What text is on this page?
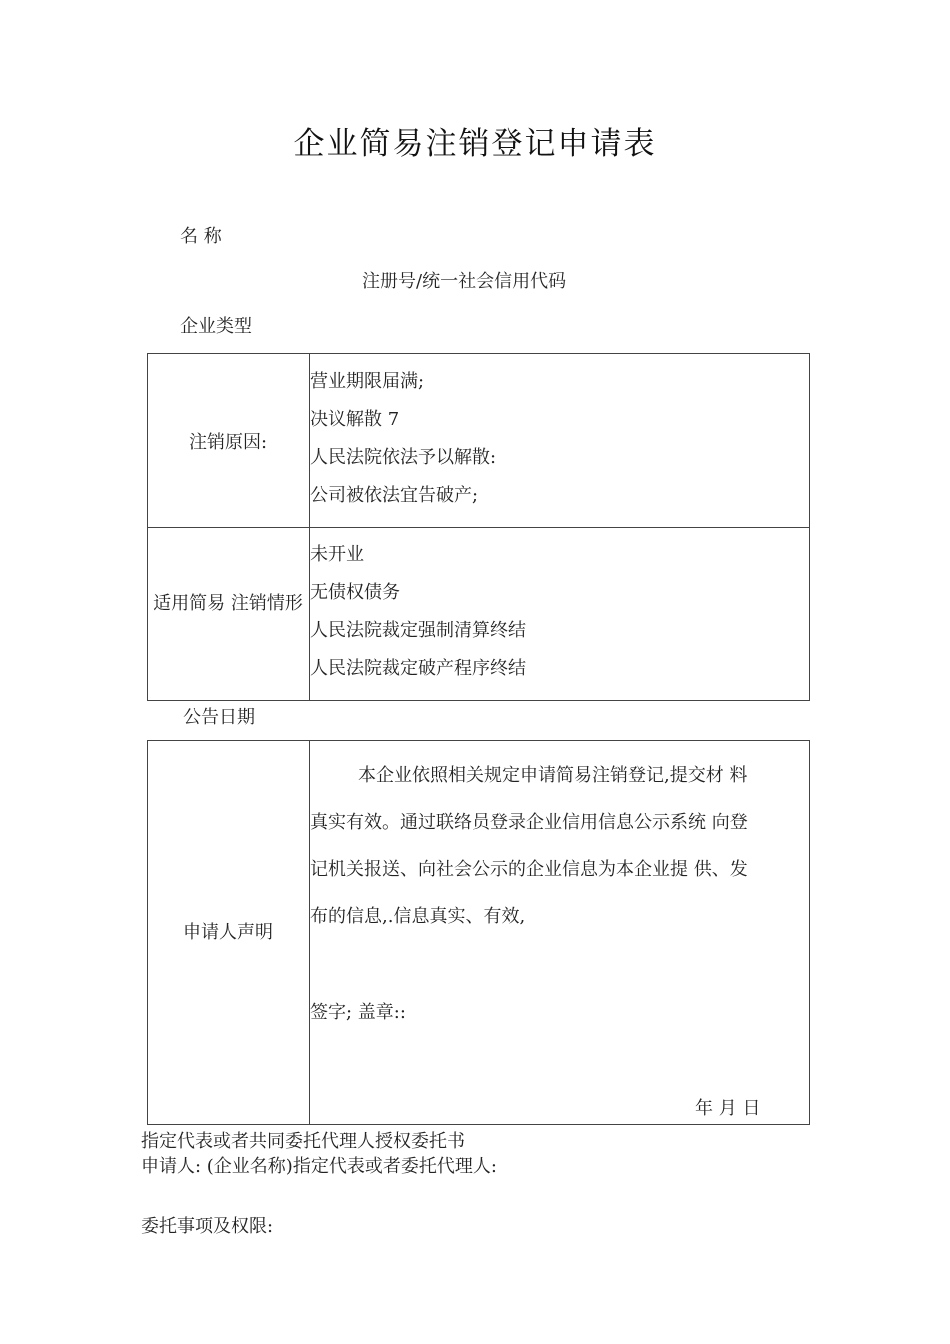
企业简易注销登记申请表
名 称
注册号/统一社会信用代码
企业类型
注销原因:
营业期限届满;
决议解散 7
人民法院依法予以解散:
公司被依法宜告破产;
适用简易 注销情形
未开业
无债权债务
人民法院裁定强制清算终结
人民法院裁定破产程序终结
公告日期
申请人声明
本企业依照相关规定申请简易注销登记,提交材 料
真实有效。通过联络员登录企业信用信息公示系统 向登
记机关报送、向社会公示的企业信息为本企业提 供、发
布的信息,.信息真实、有效,
签字; 盖章::
年 月 日
指定代表或者共同委托代理人授权委托书
申请人: (企业名称)指定代表或者委托代理人:
委托事项及权限:
